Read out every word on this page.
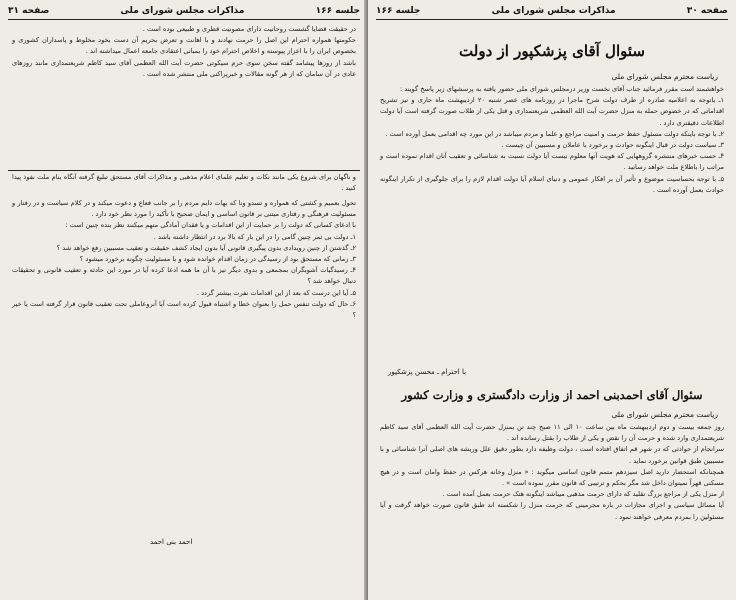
جلسه ۱۶۶
مذاکرات مجلس شورای ملی
صفحه ۳۱

در حقیقت قضایا گشست روحانیت دارای مصونیت قطری و طبیعی بوده است .

حکومتها همواره احترام این اصل را حرمت نهادند و با اهانت و تعرض بحریم آن دست بخود مخلوط و پاسداران کشوری و بخصوص ایران را با اعزاز پیوسته و اخلاص احترام خود را بمبانی اعتقادی جامعه اعمال میداشته اند .

باشد از روزها پیشامد گفته سخن سوی حرم سیکوتی حضرت آیت الله العظمی آقای سید کاظم شریعتمداری مانند روزهای عادی در آن سامان که از هر گونه مقالات و خبرپراکنی ملی منتشر شده است .

و ناگهان برای شروع یکی مانند نکات و تعلیم علمای اعلام مذهبی و مذاکرات آقای مستحق تبلیغ گرفته آنگاه بنام ملت نفوذ پیدا کنید .

تحول بعمیم و کشتی که همواره و تسدو ونا که بهات دایم مردم را بر جانب قعاع و دعوت میکند و در کلام سیاست و در رفتار و مسئولیت فرهنگی و رفتاری مبتنی بر قانون اساسی و ایمان صحیح با تأکید را مورد نظر خود دارد .

با ادعای کسانی که دولت را بر حمایت از این اقدامات و یا فقدان آمادگی متهم میکنند نظر بنده چنین است :

۱ـ دولت بی ثمر چنین گامی را در این بار که بالا برد در انتظار داشته باشد .

۲ـ گذشتن از چنین رویدادی بدون پیگیری قانونی آیا بدون ایجاد کشف حقیقت و تعقیب مسببین رفع خواهد شد ؟

۳ـ زمانی که مستحق بود از رسیدگی در زمان اقدام خوانده شود و با مسئولیت چگونه برخورد میشود ؟

۴ـ رسیدگیات آشوبگران بمجمعی و بدوی دیگر نیز با آن ما همه ادعا کرده آیا در مورد این حادثه و تعقیب قانونی و تحقیقات دنبال خواهد شد ؟

۵ـ آیا این درست که بعد از این اقدامات نفرت بیشتر گردد .

۶ـ حال که دولت تنفس حمل را بعنوان خطا و اشتباه قبول کرده است آیا آنروعاملی تحت تعقیب قانون قرار گرفته است یا خیر ؟

احمد بنی احمد
صفحه ۳۰
مذاکرات مجلس شورای ملی
جلسه ۱۶۶
سئوال آقای پزشکپور از دولت
ریاست محترم مجلس شورای ملی

خواهشمند است مقرر فرمائید جناب آقای نخست وزیر درمجلس شورای ملی حضور یافته به پرسشهای زیر پاسخ گویند :

۱ـ باتوجه به اعلامیه صادره از طرف دولت شرح ماجرا در روزنامه های عصر شنبه ۲۰ اردیبهشت ماه جاری و نیز تشریح اقداماتی که در خصوص حمله به منزل حضرت آیت الله العظمی شریعتمداری و قتل یکی از طلاب صورت گرفته است آیا دولت اطلاعات دقیقتری دارد .

۲ـ با توجه باینکه دولت مسئول حفظ حرمت و امنیت مراجع و علما و مردم میباشد در این مورد چه اقدامی بعمل آورده است .

۳ـ سیاست دولت در قبال اینگونه حوادث و برخورد با عاملان و مسببین آن چیست .

۴ـ حسب خبرهای منتشره گروههایی که هویت آنها معلوم نیست آیا دولت نسبت به شناسائی و تعقیب آنان اقدام نموده است و مراتب را باطلاع ملت خواهد رسانید .

۵ـ با توجه بحساسیت موضوع و تأثیر آن بر افکار عمومی و دنیای اسلام آیا دولت اقدام لازم را برای جلوگیری از تکرار اینگونه حوادث بعمل آورده است .

با احترام ـ محسن پزشکپور
سئوال آقای احمدبنی احمد از وزارت دادگستری و وزارت کشور
ریاست محترم مجلس شورای ملی

روز جمعه بیست و دوم اردیبهشت ماه بین ساعت ۱۰ الی ۱۱ صبح چند تن بمنزل حضرت آیت الله العظمی آقای سید کاظم شریعتمداری وارد شده و حرمت آن را نقض و یکی از طلاب را بقتل رسانده اند .

سرانجام از حوادثی که در شهر قم اتفاق افتاده است ، دولت وظیفه دارد بطور دقیق علل وریشه های اصلی آنرا شناسائی و با مسببین طبق قوانین برخورد نماید .

همچنانکه استحضار دارید اصل سیزدهم متمم قانون اساسی میگوید : « منزل وخانه هرکس در حفظ وامان است و در هیچ مسکنی قهراً نمیتوان داخل شد مگر بحکم و ترتیبی که قانون مقرر نموده است » .

از منزل یکی از مراجع بزرگ تقلید که دارای حرمت مذهبی میباشد اینگونه هتک حرمت بعمل آمده است .

آیا مسائل سیاسی و اجرای مجازات در باره مجرمینی که حرمت منزل را شکسته اند طبق قانون صورت خواهد گرفت و آیا مسئولین را بمردم معرفی خواهند نمود .
